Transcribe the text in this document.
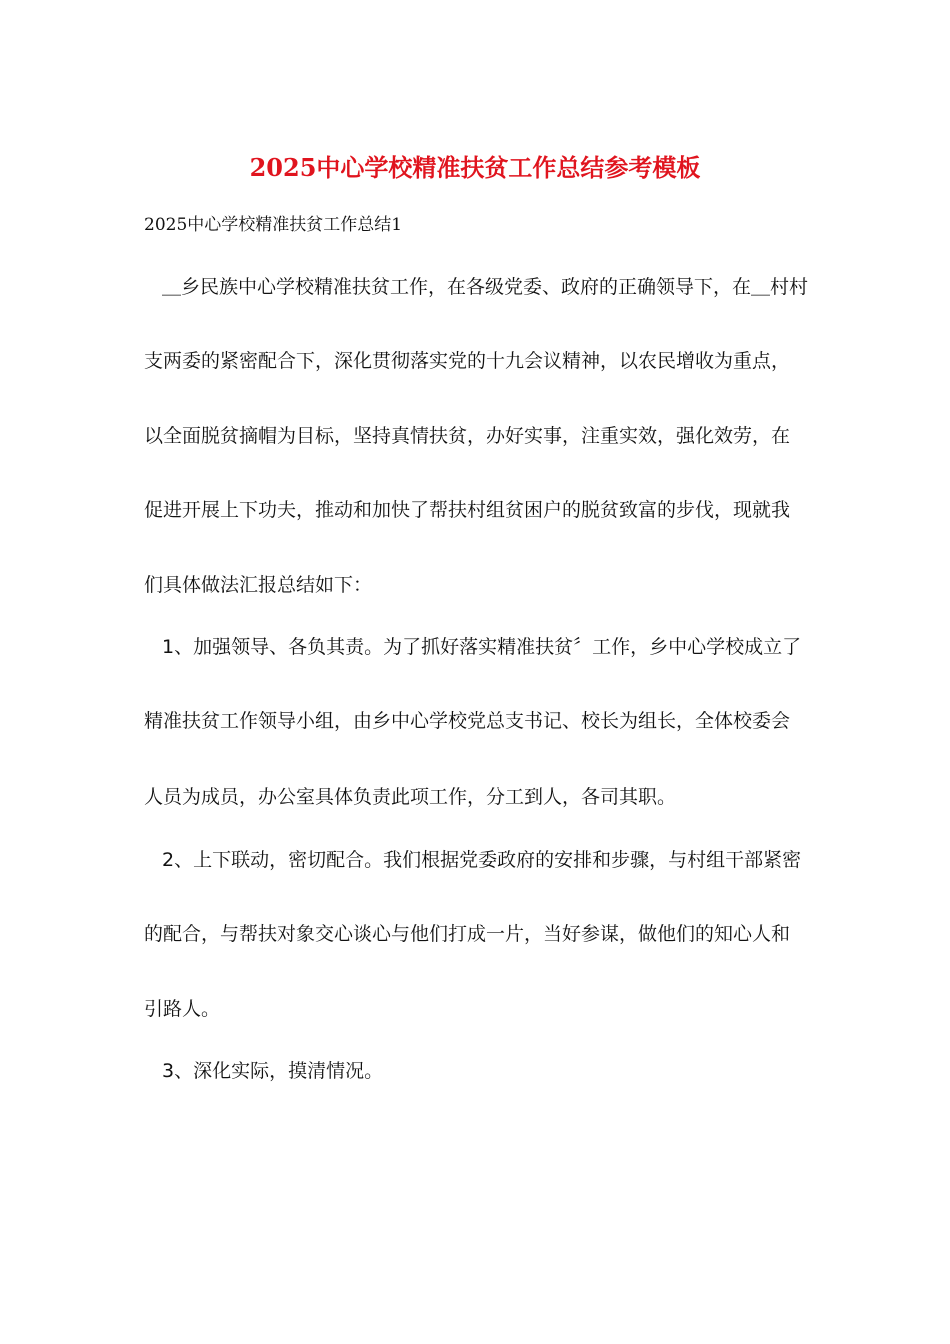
2025中心学校精准扶贫工作总结参考模板
2025中心学校精准扶贫工作总结1
＿乡民族中心学校精准扶贫工作，在各级党委、政府的正确领导下，在＿村村
支两委的紧密配合下，深化贯彻落实党的十九会议精神，以农民增收为重点，
以全面脱贫摘帽为目标，坚持真情扶贫，办好实事，注重实效，强化效劳，在
促进开展上下功夫，推动和加快了帮扶村组贫困户的脱贫致富的步伐，现就我
们具体做法汇报总结如下：
1、加强领导、各负其责。为了抓好落实精准扶贫〞工作，乡中心学校成立了
精准扶贫工作领导小组，由乡中心学校党总支书记、校长为组长，全体校委会
人员为成员，办公室具体负责此项工作，分工到人，各司其职。
2、上下联动，密切配合。我们根据党委政府的安排和步骤，与村组干部紧密
的配合，与帮扶对象交心谈心与他们打成一片，当好参谋，做他们的知心人和
引路人。
3、深化实际，摸清情况。
